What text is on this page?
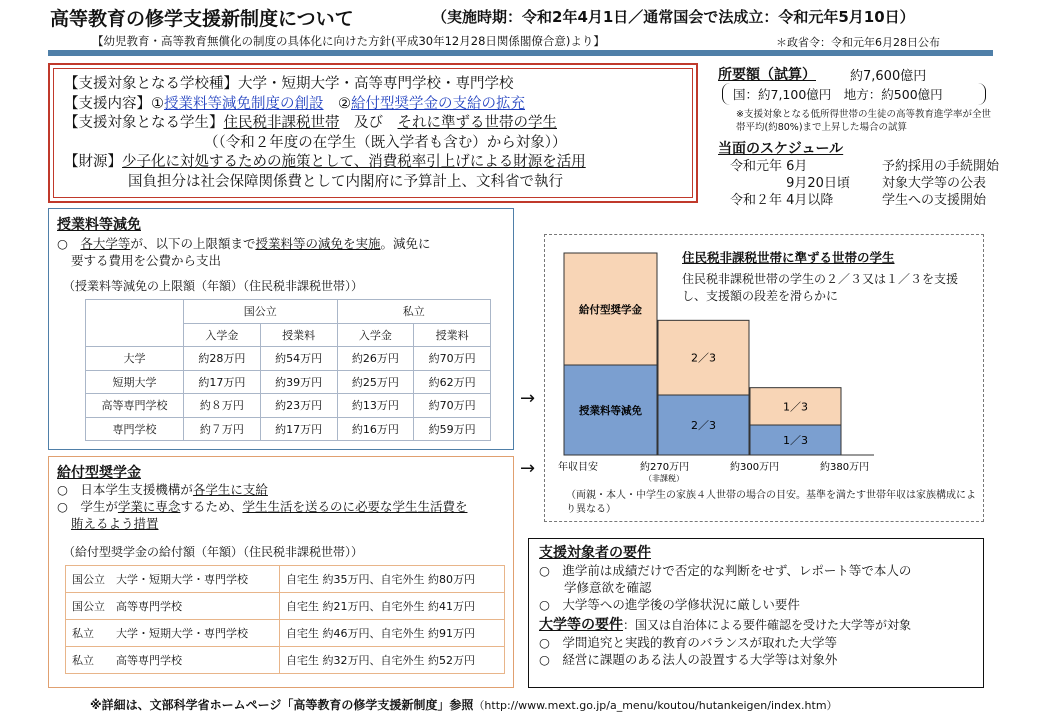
高等教育の修学支援新制度について	（実施時期：令和2年4月1日／通常国会で法成立：令和元年5月10日）
【幼児教育・高等教育無償化の制度の具体化に向けた方針(平成30年12月28日関係閣僚合意)より】	＊政省令：令和元年6月28日公布
【支援対象となる学校種】大学・短期大学・高等専門学校・専門学校
【支援内容】①授業料等減免制度の創設　②給付型奨学金の支給の拡充
【支援対象となる学生】住民税非課税世帯　及び　それに準ずる世帯の学生
（（令和２年度の在学生（既入学者も含む）から対象））
【財源】少子化に対処するための施策として、消費税率引上げによる財源を活用
国負担分は社会保障関係費として内閣府に予算計上、文科省で執行
所要額（試算）	約7,600億円
国：約7,100億円　地方：約500億円
※支援対象となる低所得世帯の生徒の高等教育進学率が全世帯平均(約80%)まで上昇した場合の試算
当面のスケジュール
令和元年 6月	予約採用の手続開始
　　　　 9月20日頃	対象大学等の公表
令和２年 4月以降	学生への支援開始
授業料等減免
○　各大学等が、以下の上限額まで授業料等の減免を実施。減免に
要する費用を公費から支出
（授業料等減免の上限額（年額）（住民税非課税世帯））
	国公立		私立	
	入学金	授業料	入学金	授業料
大学	約28万円	約54万円	約26万円	約70万円
短期大学	約17万円	約39万円	約25万円	約62万円
高等専門学校	約８万円	約23万円	約13万円	約70万円
専門学校	約７万円	約17万円	約16万円	約59万円
給付型奨学金
○　日本学生支援機構が各学生に支給
○　学生が学業に専念するため、学生生活を送るのに必要な学生生活費を
賄えるよう措置
（給付型奨学金の給付額（年額）（住民税非課税世帯））
国公立　大学・短期大学・専門学校	自宅生 約35万円、自宅外生 約80万円
国公立　高等専門学校	自宅生 約21万円、自宅外生 約41万円
私立　　大学・短期大学・専門学校	自宅生 約46万円、自宅外生 約91万円
私立　　高等専門学校	自宅生 約32万円、自宅外生 約52万円
→
→
住民税非課税世帯に準ずる世帯の学生
住民税非課税世帯の学生の２／３又は１／３を支援し、支援額の段差を滑らかに
授業料等減免
給付型奨学金
2／3
2／3
1／3
1／3
年収目安	約270万円	約300万円	約380万円
（非課税）
（両親・本人・中学生の家族４人世帯の場合の目安。基準を満たす世帯年収は家族構成により異なる）
支援対象者の要件
○　進学前は成績だけで否定的な判断をせず、レポート等で本人の
　　学修意欲を確認
○　大学等への進学後の学修状況に厳しい要件
大学等の要件：国又は自治体による要件確認を受けた大学等が対象
○　学問追究と実践的教育のバランスが取れた大学等
○　経営に課題のある法人の設置する大学等は対象外
※詳細は、文部科学省ホームページ「高等教育の修学支援新制度」参照（http://www.mext.go.jp/a_menu/koutou/hutankeigen/index.htm）
